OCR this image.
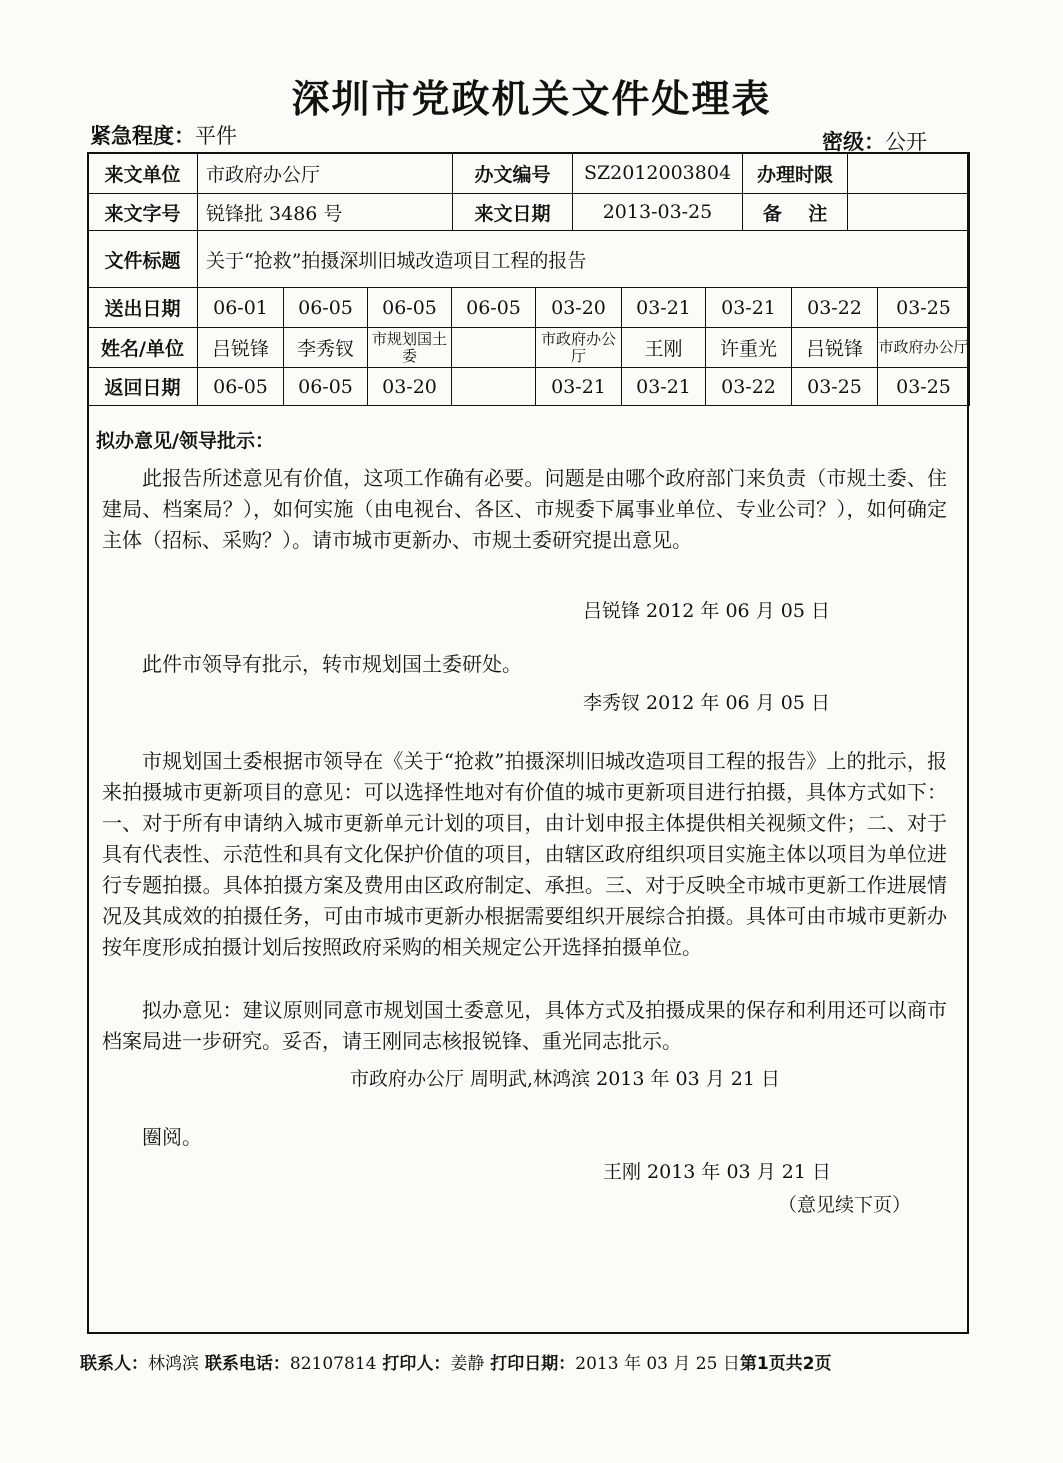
深圳市党政机关文件处理表
紧急程度：平件	密级：公开
来文单位	市政府办公厅	办文编号	SZ2012003804	办理时限	
来文字号	锐锋批 3486 号	来文日期	2013-03-25	备    注	
文件标题	关于“抢救”拍摄深圳旧城改造项目工程的报告				
送出日期	06-01	06-05	06-05	06-05	03-20	03-21	03-21	03-22	03-25
姓名/单位	吕锐锋	李秀钗	市规划国土委		市政府办公厅	王刚	许重光	吕锐锋	市政府办公厅
返回日期	06-05	06-05	03-20		03-21	03-21	03-22	03-25	03-25
拟办意见/领导批示：
此报告所述意见有价值，这项工作确有必要。问题是由哪个政府部门来负责（市规土委、住建局、档案局？），如何实施（由电视台、各区、市规委下属事业单位、专业公司？），如何确定主体（招标、采购？）。请市城市更新办、市规土委研究提出意见。
吕锐锋 2012 年 06 月 05 日
此件市领导有批示，转市规划国土委研处。
李秀钗 2012 年 06 月 05 日
市规划国土委根据市领导在《关于“抢救”拍摄深圳旧城改造项目工程的报告》上的批示，报来拍摄城市更新项目的意见：可以选择性地对有价值的城市更新项目进行拍摄，具体方式如下：一、对于所有申请纳入城市更新单元计划的项目，由计划申报主体提供相关视频文件；二、对于具有代表性、示范性和具有文化保护价值的项目，由辖区政府组织项目实施主体以项目为单位进行专题拍摄。具体拍摄方案及费用由区政府制定、承担。三、对于反映全市城市更新工作进展情况及其成效的拍摄任务，可由市城市更新办根据需要组织开展综合拍摄。具体可由市城市更新办按年度形成拍摄计划后按照政府采购的相关规定公开选择拍摄单位。
拟办意见：建议原则同意市规划国土委意见，具体方式及拍摄成果的保存和利用还可以商市档案局进一步研究。妥否，请王刚同志核报锐锋、重光同志批示。
市政府办公厅 周明武,林鸿滨 2013 年 03 月 21 日
圈阅。
王刚 2013 年 03 月 21 日
（意见续下页）
联系人：林鸿滨 联系电话：82107814 打印人：姜静 打印日期：2013 年 03 月 25 日第1页共2页
